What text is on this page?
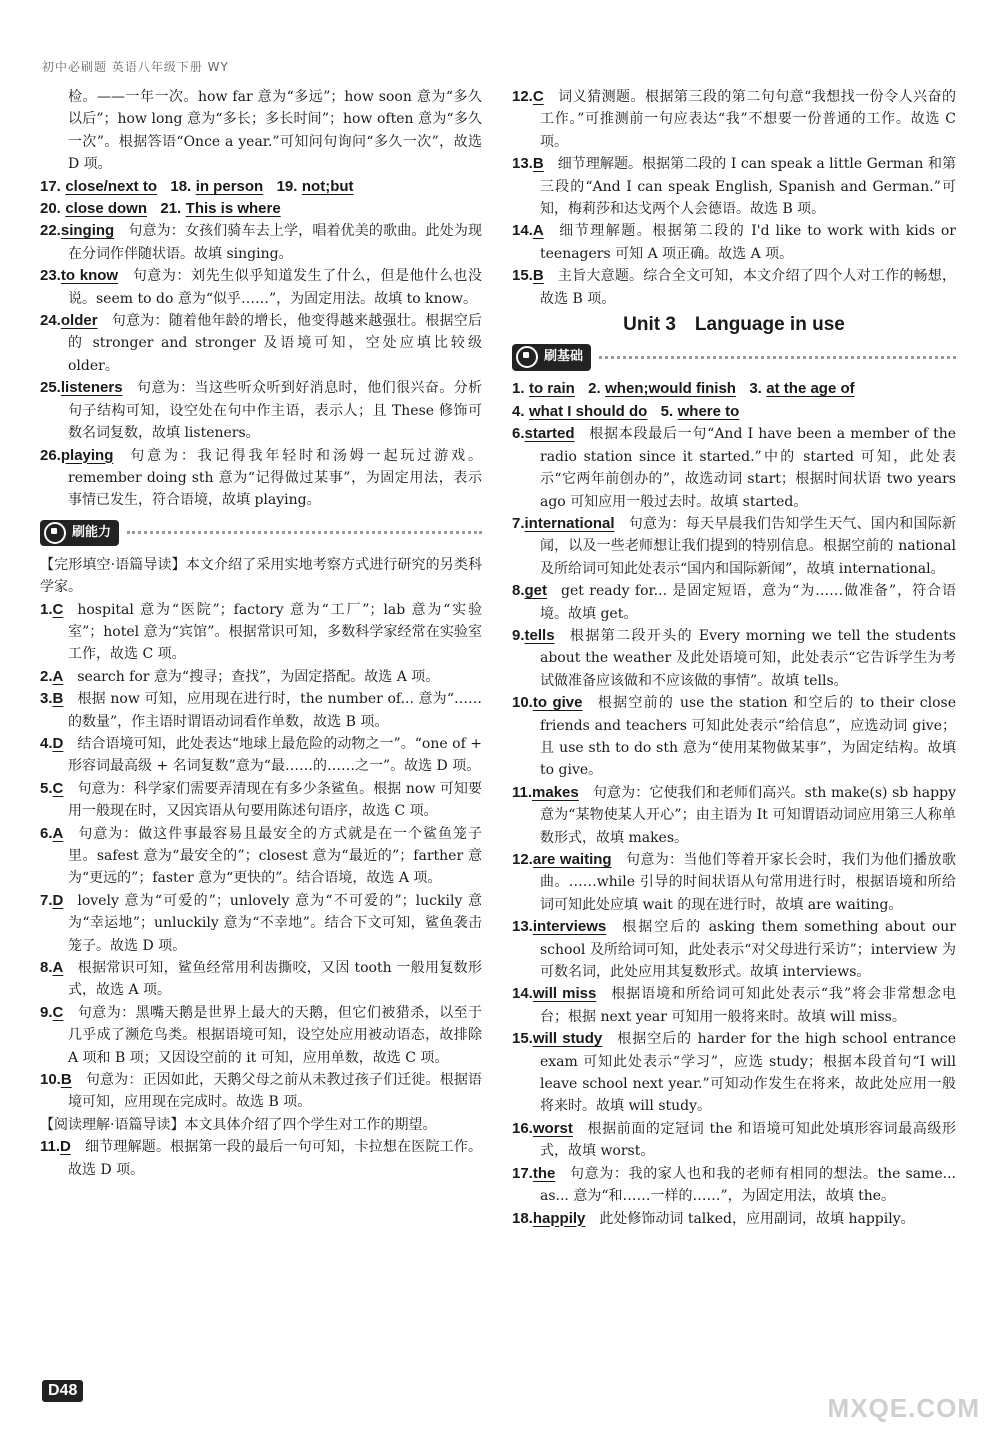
初中必刷题 英语八年级下册 WY
检。——一年一次。how far 意为“多远”；how soon 意为“多久以后”；how long 意为“多长；多长时间”；how often 意为“多久一次”。根据答语“Once a year.”可知问句询问“多久一次”，故选 D 项。
17. close/next to 18. in person 19. not;but
20. close down 21. This is where
22.singing  句意为：女孩们骑车去上学，唱着优美的歌曲。此处为现在分词作伴随状语。故填 singing。
23.to know  句意为：刘先生似乎知道发生了什么，但是他什么也没说。seem to do 意为“似乎……”，为固定用法。故填 to know。
24.older  句意为：随着他年龄的增长，他变得越来越强壮。根据空后的 stronger and stronger 及语境可知，空处应填比较级 older。
25.listeners  句意为：当这些听众听到好消息时，他们很兴奋。分析句子结构可知，设空处在句中作主语，表示人；且 These 修饰可数名词复数，故填 listeners。
26.playing  句意为：我记得我年轻时和汤姆一起玩过游戏。remember doing sth 意为“记得做过某事”，为固定用法，表示事情已发生，符合语境，故填 playing。
刷能力
【完形填空·语篇导读】本文介绍了采用实地考察方式进行研究的另类科学家。
1.C  hospital 意为“医院”；factory 意为“工厂”；lab 意为“实验室”；hotel 意为“宾馆”。根据常识可知，多数科学家经常在实验室工作，故选 C 项。
2.A  search for 意为“搜寻；查找”，为固定搭配。故选 A 项。
3.B  根据 now 可知，应用现在进行时，the number of... 意为“……的数量”，作主语时谓语动词看作单数，故选 B 项。
4.D  结合语境可知，此处表达“地球上最危险的动物之一”。“one of + 形容词最高级 + 名词复数”意为“最……的……之一”。故选 D 项。
5.C  句意为：科学家们需要弄清现在有多少条鲨鱼。根据 now 可知要用一般现在时，又因宾语从句要用陈述句语序，故选 C 项。
6.A  句意为：做这件事最容易且最安全的方式就是在一个鲨鱼笼子里。safest 意为“最安全的”；closest 意为“最近的”；farther 意为“更远的”；faster 意为“更快的”。结合语境，故选 A 项。
7.D  lovely 意为“可爱的”；unlovely 意为“不可爱的”；luckily 意为“幸运地”；unluckily 意为“不幸地”。结合下文可知，鲨鱼袭击笼子。故选 D 项。
8.A  根据常识可知，鲨鱼经常用利齿撕咬，又因 tooth 一般用复数形式，故选 A 项。
9.C  句意为：黑嘴天鹅是世界上最大的天鹅，但它们被猎杀，以至于几乎成了濒危鸟类。根据语境可知，设空处应用被动语态，故排除 A 项和 B 项；又因设空前的 it 可知，应用单数，故选 C 项。
10.B  句意为：正因如此，天鹅父母之前从未教过孩子们迁徙。根据语境可知，应用现在完成时。故选 B 项。
【阅读理解·语篇导读】本文具体介绍了四个学生对工作的期望。
11.D  细节理解题。根据第一段的最后一句可知，卡拉想在医院工作。故选 D 项。
12.C  词义猜测题。根据第三段的第二句句意“我想找一份令人兴奋的工作。”可推测前一句应表达“我”不想要一份普通的工作。故选 C 项。
13.B  细节理解题。根据第二段的 I can speak a little German 和第三段的“And I can speak English, Spanish and German.”可知，梅莉莎和达戈两个人会德语。故选 B 项。
14.A  细节理解题。根据第二段的 I'd like to work with kids or teenagers 可知 A 项正确。故选 A 项。
15.B  主旨大意题。综合全文可知，本文介绍了四个人对工作的畅想，故选 B 项。
Unit 3　Language in use
刷基础
1. to rain 2. when;would finish 3. at the age of
4. what I should do 5. where to
6.started  根据本段最后一句“And I have been a member of the radio station since it started.”中的 started 可知，此处表示“它两年前创办的”，故选动词 start；根据时间状语 two years ago 可知应用一般过去时。故填 started。
7.international  句意为：每天早晨我们告知学生天气、国内和国际新闻，以及一些老师想让我们提到的特别信息。根据空前的 national 及所给词可知此处表示“国内和国际新闻”，故填 international。
8.get  get ready for... 是固定短语，意为“为……做准备”，符合语境。故填 get。
9.tells  根据第二段开头的 Every morning we tell the students about the weather 及此处语境可知，此处表示“它告诉学生为考试做准备应该做和不应该做的事情”。故填 tells。
10.to give  根据空前的 use the station 和空后的 to their close friends and teachers 可知此处表示“给信息”，应选动词 give；且 use sth to do sth 意为“使用某物做某事”，为固定结构。故填 to give。
11.makes  句意为：它使我们和老师们高兴。sth make(s) sb happy 意为“某物使某人开心”；由主语为 It 可知谓语动词应用第三人称单数形式，故填 makes。
12.are waiting  句意为：当他们等着开家长会时，我们为他们播放歌曲。……while 引导的时间状语从句常用进行时，根据语境和所给词可知此处应填 wait 的现在进行时，故填 are waiting。
13.interviews  根据空后的 asking them something about our school 及所给词可知，此处表示“对父母进行采访”；interview 为可数名词，此处应用其复数形式。故填 interviews。
14.will miss  根据语境和所给词可知此处表示“我”将会非常想念电台；根据 next year 可知用一般将来时。故填 will miss。
15.will study  根据空后的 harder for the high school entrance exam 可知此处表示“学习”，应选 study；根据本段首句“I will leave school next year.”可知动作发生在将来，故此处应用一般将来时。故填 will study。
16.worst  根据前面的定冠词 the 和语境可知此处填形容词最高级形式，故填 worst。
17.the  句意为：我的家人也和我的老师有相同的想法。the same... as... 意为“和……一样的……”，为固定用法，故填 the。
18.happily  此处修饰动词 talked，应用副词，故填 happily。
D48
MXQE.COM
